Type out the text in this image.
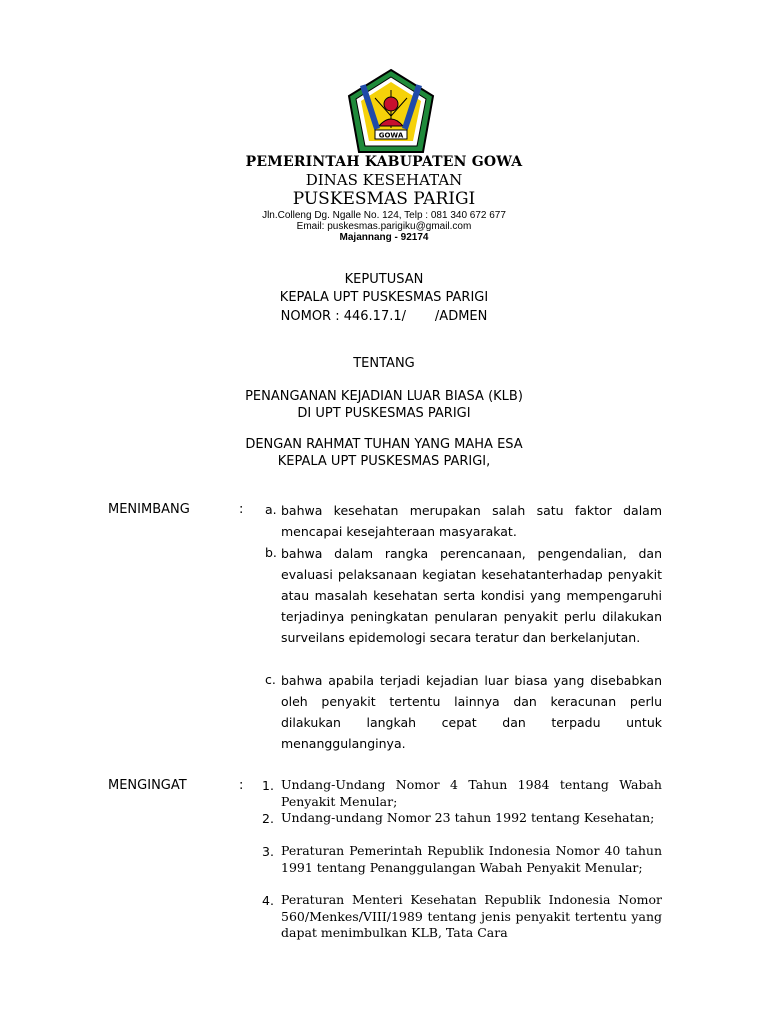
GOWA
PEMERINTAH KABUPATEN GOWA
DINAS KESEHATAN
PUSKESMAS PARIGI
Jln.Colleng Dg. Ngalle No. 124, Telp : 081 340 672 677
Email: puskesmas.parigiku@gmail.com
Majannang - 92174
KEPUTUSAN
KEPALA UPT PUSKESMAS PARIGI
NOMOR : 446.17.1/       /ADMEN
TENTANG
PENANGANAN KEJADIAN LUAR BIASA (KLB)
DI UPT PUSKESMAS PARIGI
DENGAN RAHMAT TUHAN YANG MAHA ESA
KEPALA UPT PUSKESMAS PARIGI,
MENIMBANG	: a. bahwa kesehatan merupakan salah satu faktor dalam mencapai kesejahteraan masyarakat.
b. bahwa dalam rangka perencanaan, pengendalian, dan evaluasi pelaksanaan kegiatan kesehatanterhadap penyakit atau masalah kesehatan serta kondisi yang mempengaruhi terjadinya peningkatan penularan penyakit perlu dilakukan surveilans epidemologi secara teratur dan berkelanjutan.
c. bahwa apabila terjadi kejadian luar biasa yang disebabkan oleh penyakit tertentu lainnya dan keracunan perlu dilakukan langkah cepat dan terpadu untuk menanggulanginya.
MENGINGAT	: 1. Undang-Undang Nomor 4 Tahun 1984 tentang Wabah Penyakit Menular;
2. Undang-undang Nomor 23 tahun 1992 tentang Kesehatan;
3. Peraturan Pemerintah Republik Indonesia Nomor 40 tahun 1991 tentang Penanggulangan Wabah Penyakit Menular;
4. Peraturan Menteri Kesehatan Republik Indonesia Nomor 560/Menkes/VIII/1989 tentang jenis penyakit tertentu yang dapat menimbulkan KLB, Tata Cara
